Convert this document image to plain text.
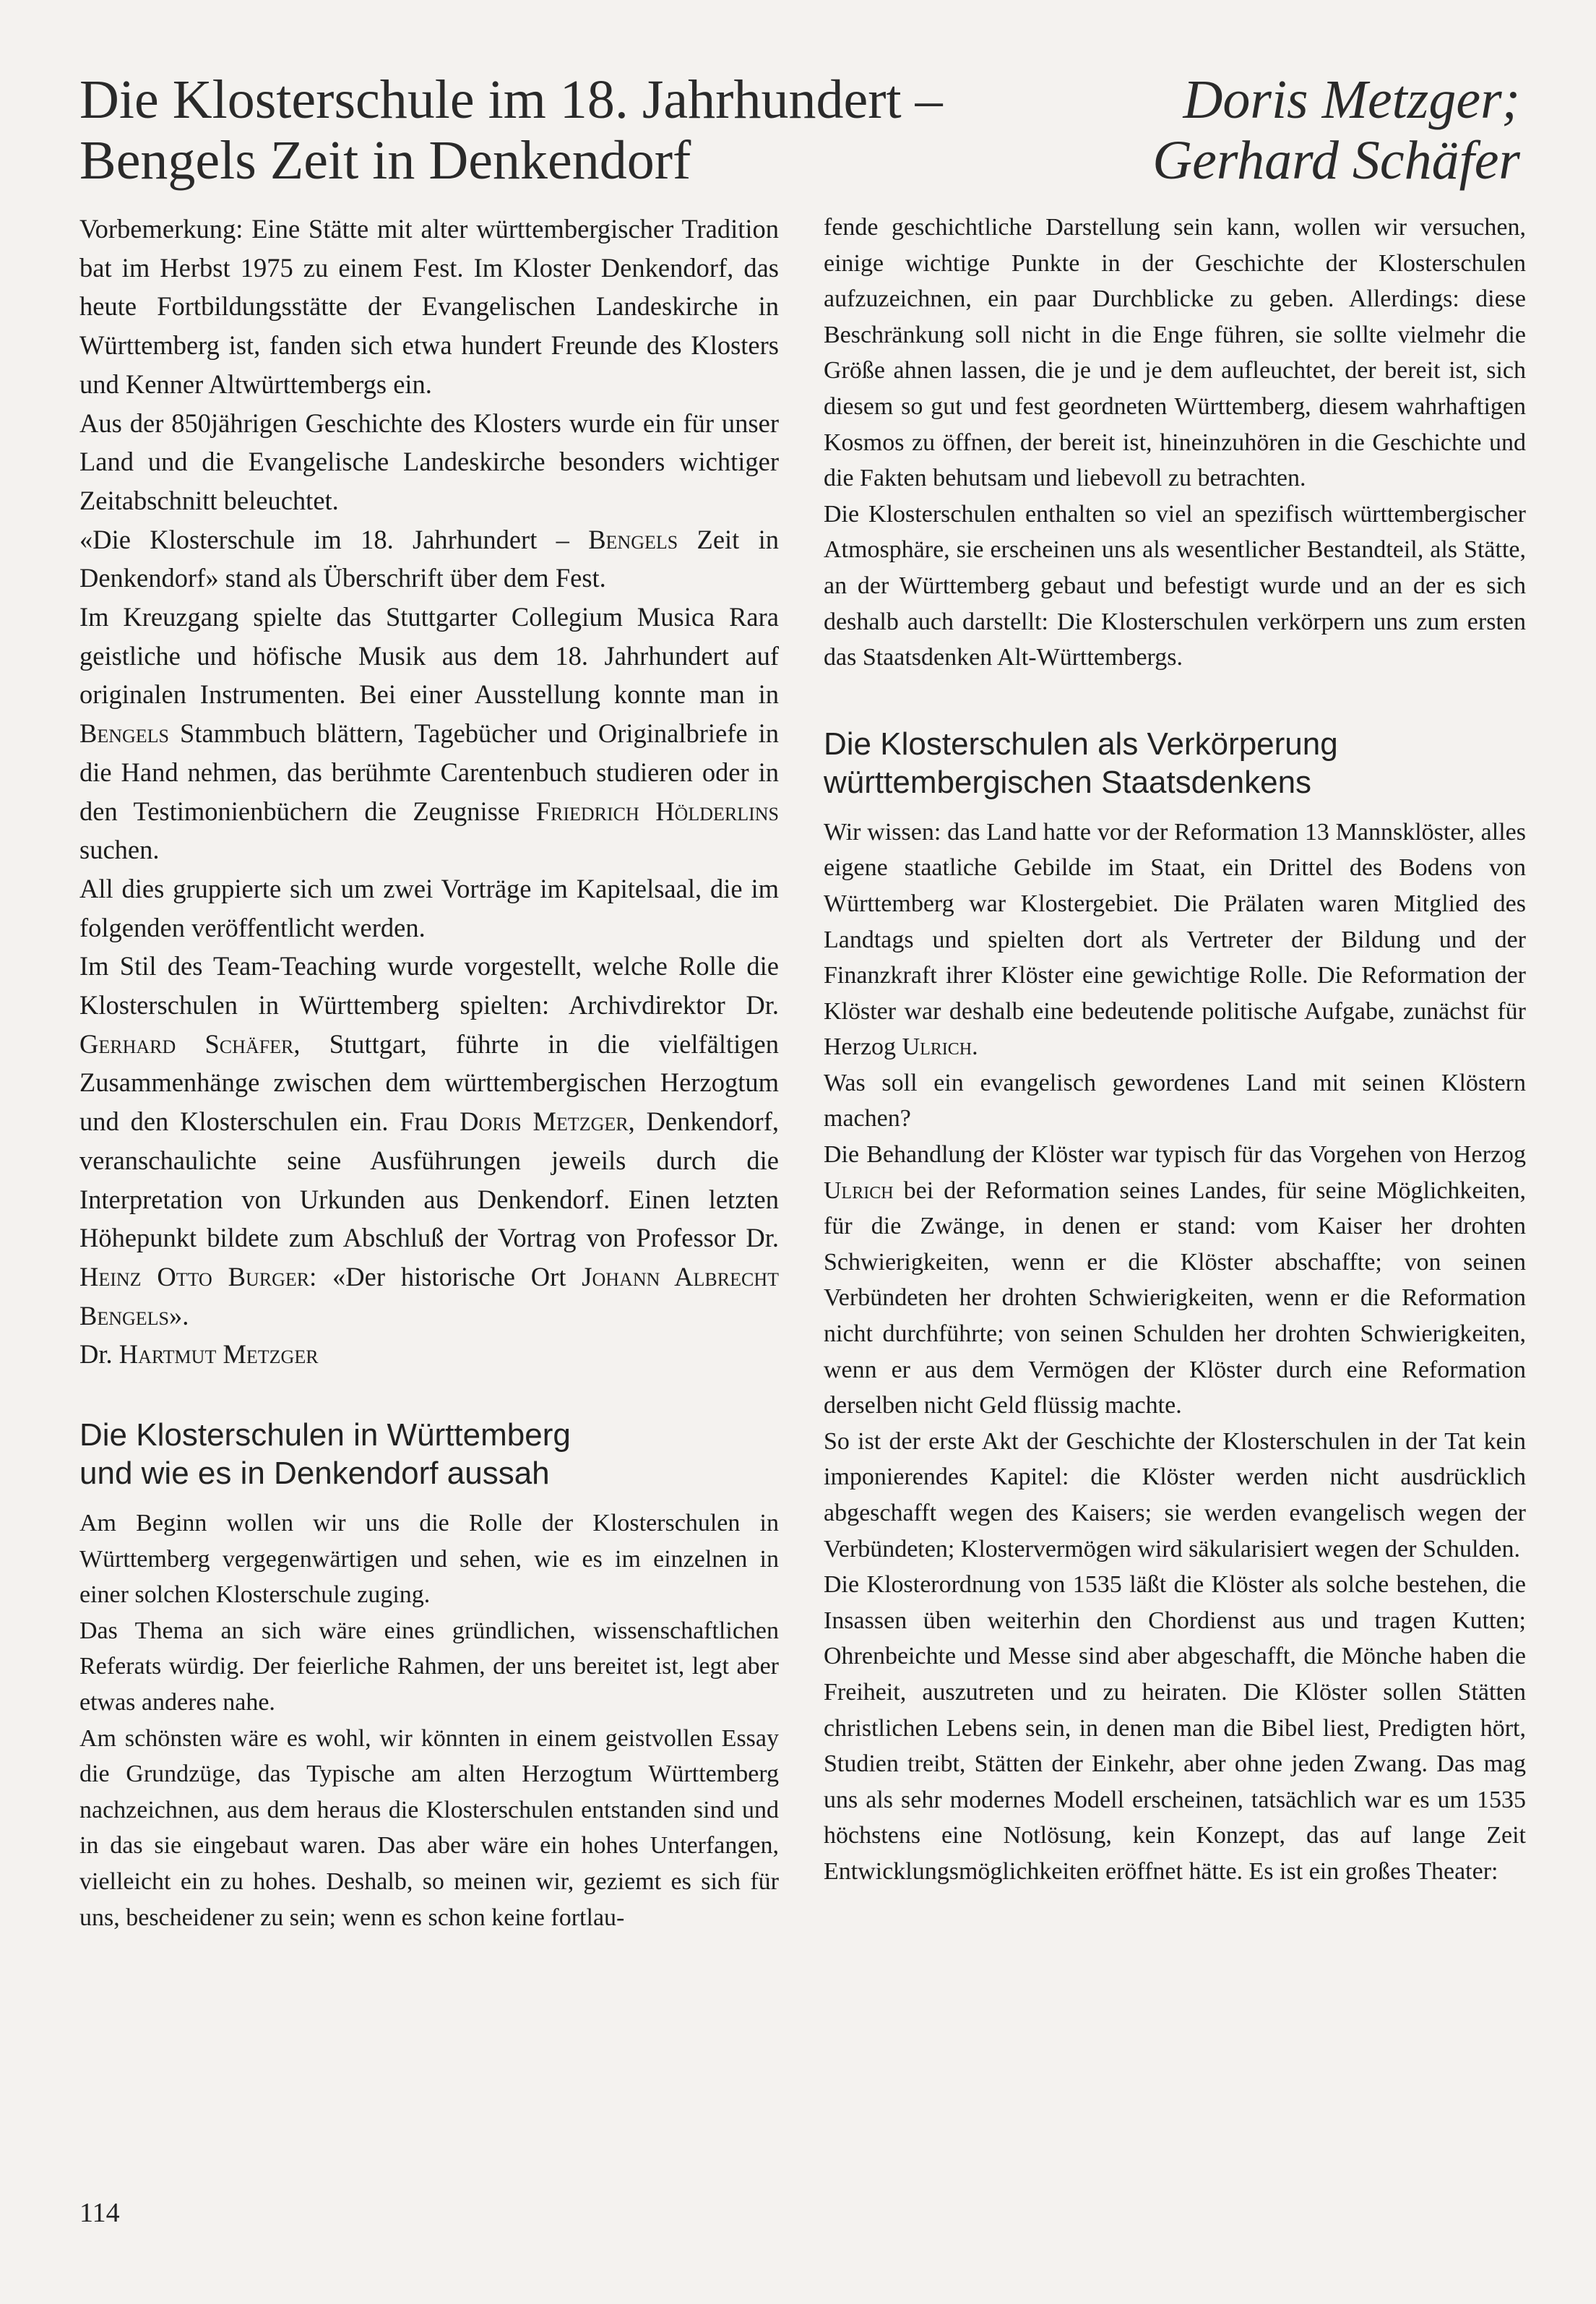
Die Klosterschule im 18. Jahrhundert –
Bengels Zeit in Denkendorf
Doris Metzger;
Gerhard Schäfer

Vorbemerkung: Eine Stätte mit alter württembergischer Tradition bat im Herbst 1975 zu einem Fest. Im Kloster Denkendorf, das heute Fortbildungsstätte der Evangelischen Landeskirche in Württemberg ist, fanden sich etwa hundert Freunde des Klosters und Kenner Altwürttembergs ein.

Aus der 850jährigen Geschichte des Klosters wurde ein für unser Land und die Evangelische Landeskirche besonders wichtiger Zeitabschnitt beleuchtet.

«Die Klosterschule im 18. Jahrhundert – Bengels Zeit in Denkendorf» stand als Überschrift über dem Fest.

Im Kreuzgang spielte das Stuttgarter Collegium Musica Rara geistliche und höfische Musik aus dem 18. Jahrhundert auf originalen Instrumenten. Bei einer Ausstellung konnte man in Bengels Stammbuch blättern, Tagebücher und Originalbriefe in die Hand nehmen, das berühmte Carentenbuch studieren oder in den Testimonienbüchern die Zeugnisse Friedrich Hölderlins suchen.

All dies gruppierte sich um zwei Vorträge im Kapitelsaal, die im folgenden veröffentlicht werden.

Im Stil des Team-Teaching wurde vorgestellt, welche Rolle die Klosterschulen in Württemberg spielten: Archivdirektor Dr. Gerhard Schäfer, Stuttgart, führte in die vielfältigen Zusammenhänge zwischen dem württembergischen Herzogtum und den Klosterschulen ein. Frau Doris Metzger, Denkendorf, veranschaulichte seine Ausführungen jeweils durch die Interpretation von Urkunden aus Denkendorf. Einen letzten Höhepunkt bildete zum Abschluß der Vortrag von Professor Dr. Heinz Otto Burger: «Der historische Ort Johann Albrecht Bengels».

Dr. Hartmut Metzger

Die Klosterschulen in Württemberg
und wie es in Denkendorf aussah

Am Beginn wollen wir uns die Rolle der Klosterschulen in Württemberg vergegenwärtigen und sehen, wie es im einzelnen in einer solchen Klosterschule zuging.

Das Thema an sich wäre eines gründlichen, wissenschaftlichen Referats würdig. Der feierliche Rahmen, der uns bereitet ist, legt aber etwas anderes nahe.

Am schönsten wäre es wohl, wir könnten in einem geistvollen Essay die Grundzüge, das Typische am alten Herzogtum Württemberg nachzeichnen, aus dem heraus die Klosterschulen entstanden sind und in das sie eingebaut waren. Das aber wäre ein hohes Unterfangen, vielleicht ein zu hohes. Deshalb, so meinen wir, geziemt es sich für uns, bescheidener zu sein; wenn es schon keine fortlau-

fende geschichtliche Darstellung sein kann, wollen wir versuchen, einige wichtige Punkte in der Geschichte der Klosterschulen aufzuzeichnen, ein paar Durchblicke zu geben. Allerdings: diese Beschränkung soll nicht in die Enge führen, sie sollte vielmehr die Größe ahnen lassen, die je und je dem aufleuchtet, der bereit ist, sich diesem so gut und fest geordneten Württemberg, diesem wahrhaftigen Kosmos zu öffnen, der bereit ist, hineinzuhören in die Geschichte und die Fakten behutsam und liebevoll zu betrachten.

Die Klosterschulen enthalten so viel an spezifisch württembergischer Atmosphäre, sie erscheinen uns als wesentlicher Bestandteil, als Stätte, an der Württemberg gebaut und befestigt wurde und an der es sich deshalb auch darstellt: Die Klosterschulen verkörpern uns zum ersten das Staatsdenken Alt-Württembergs.

Die Klosterschulen als Verkörperung
württembergischen Staatsdenkens

Wir wissen: das Land hatte vor der Reformation 13 Mannsklöster, alles eigene staatliche Gebilde im Staat, ein Drittel des Bodens von Württemberg war Klostergebiet. Die Prälaten waren Mitglied des Landtags und spielten dort als Vertreter der Bildung und der Finanzkraft ihrer Klöster eine gewichtige Rolle. Die Reformation der Klöster war deshalb eine bedeutende politische Aufgabe, zunächst für Herzog Ulrich.

Was soll ein evangelisch gewordenes Land mit seinen Klöstern machen?

Die Behandlung der Klöster war typisch für das Vorgehen von Herzog Ulrich bei der Reformation seines Landes, für seine Möglichkeiten, für die Zwänge, in denen er stand: vom Kaiser her drohten Schwierigkeiten, wenn er die Klöster abschaffte; von seinen Verbündeten her drohten Schwierigkeiten, wenn er die Reformation nicht durchführte; von seinen Schulden her drohten Schwierigkeiten, wenn er aus dem Vermögen der Klöster durch eine Reformation derselben nicht Geld flüssig machte.

So ist der erste Akt der Geschichte der Klosterschulen in der Tat kein imponierendes Kapitel: die Klöster werden nicht ausdrücklich abgeschafft wegen des Kaisers; sie werden evangelisch wegen der Verbündeten; Klostervermögen wird säkularisiert wegen der Schulden.

Die Klosterordnung von 1535 läßt die Klöster als solche bestehen, die Insassen üben weiterhin den Chordienst aus und tragen Kutten; Ohrenbeichte und Messe sind aber abgeschafft, die Mönche haben die Freiheit, auszutreten und zu heiraten. Die Klöster sollen Stätten christlichen Lebens sein, in denen man die Bibel liest, Predigten hört, Studien treibt, Stätten der Einkehr, aber ohne jeden Zwang. Das mag uns als sehr modernes Modell erscheinen, tatsächlich war es um 1535 höchstens eine Notlösung, kein Konzept, das auf lange Zeit Entwicklungsmöglichkeiten eröffnet hätte. Es ist ein großes Theater:

114
